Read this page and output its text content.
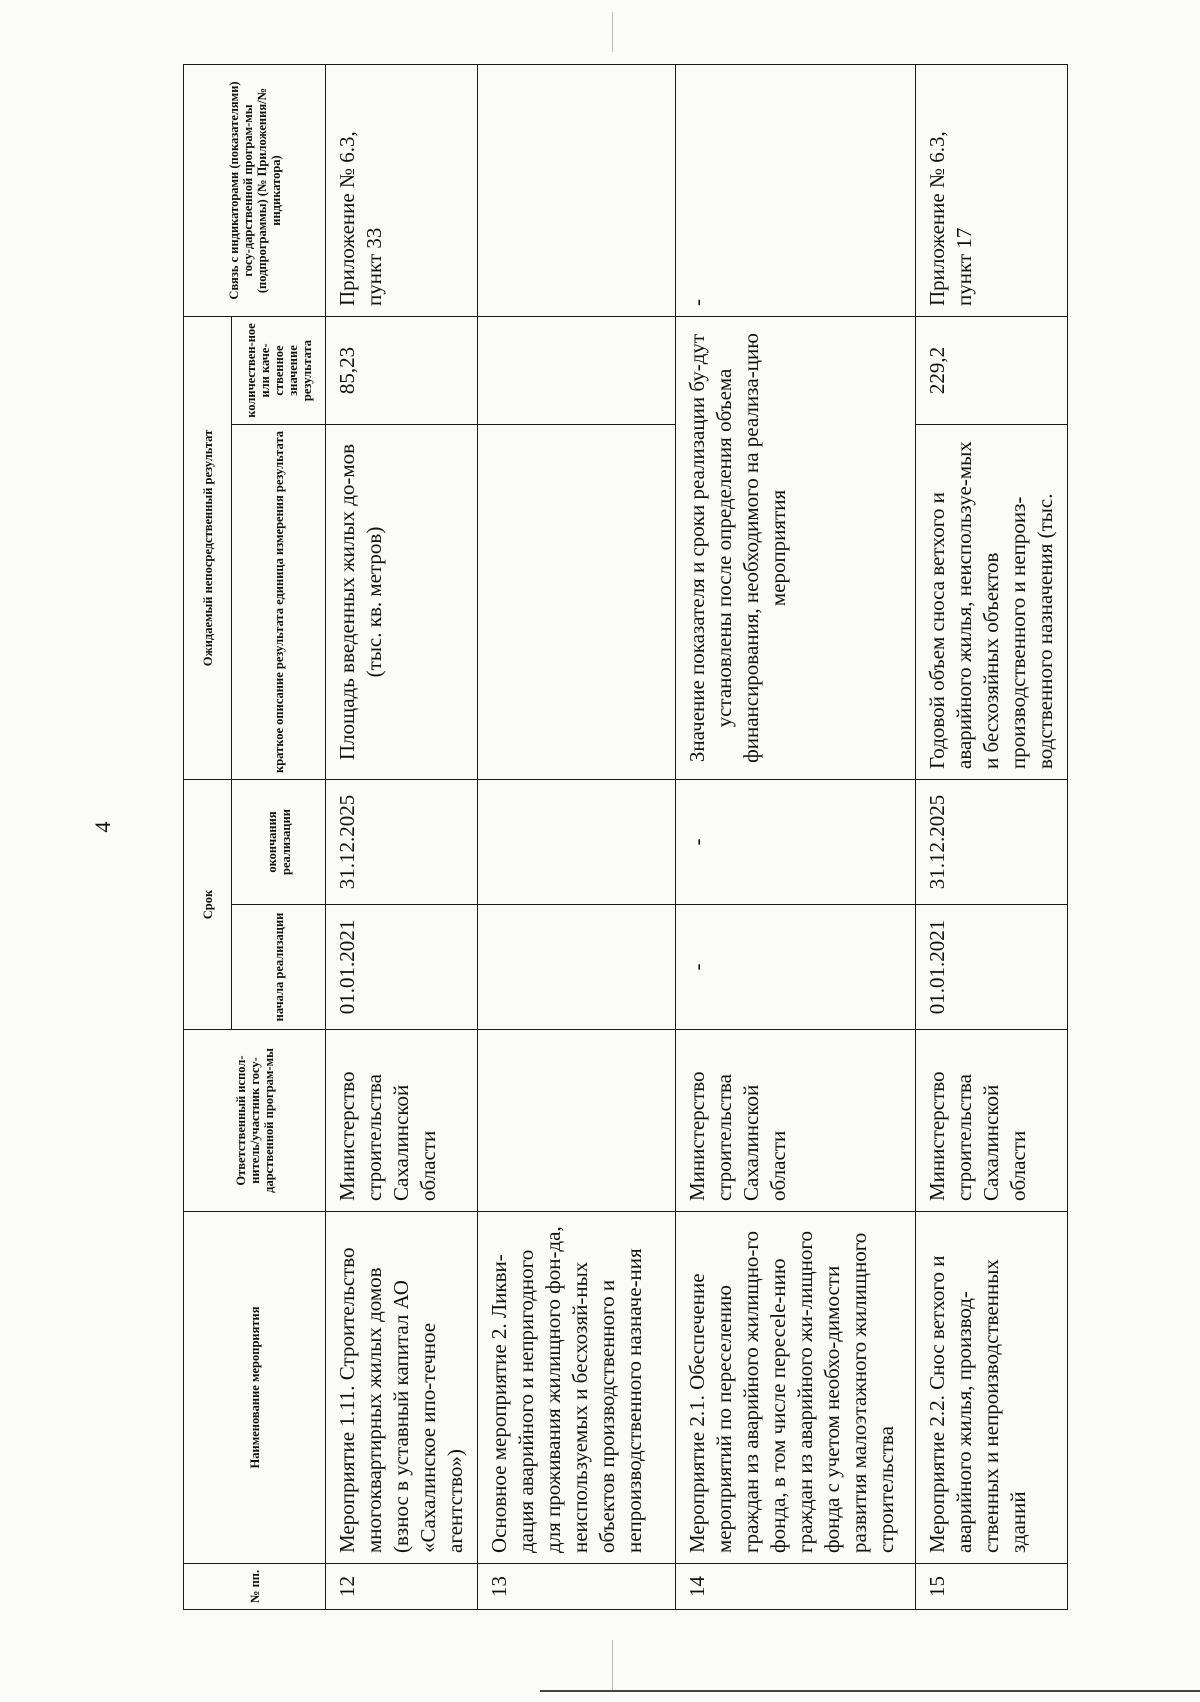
4
№ пп.	Наименование мероприятия	Ответственный испол-нитель/участник госу-дарственной програм-мы	Срок		Ожидаемый непосредственный результат		Связь с индикаторами (показателями) госу-дарственной програм-мы (подпрограммы) (№ Приложения/№ индикатора)
			начала реализации	окончания реализации	краткое описание результата единица измерения результата	количествен-ное или каче-ственное значение результата	
12	Мероприятие 1.11. Строительство многоквартирных жилых домов (взнос в уставный капитал АО «Сахалинское ипо-течное агентство»)	Министерство строительства Сахалинской области	01.01.2021	31.12.2025	Площадь введенных жилых до-мов (тыс. кв. метров)	85,23	Приложение № 6.3, пункт 33
13	Основное мероприятие 2. Ликви-дация аварийного и непригодного для проживания жилищного фон-да, неиспользуемых и бесхозяй-ных объектов производственного и непроизводственного назначе-ния						
14	Мероприятие 2.1. Обеспечение мероприятий по переселению граждан из аварийного жилищно-го фонда, в том числе пересele-нию граждан из аварийного жи-лищного фонда с учетом необхо-димости развития малоэтажного жилищного строительства	Министерство строительства Сахалинской области	-	-	Значение показателя и сроки реализации бу-дут установлены после определения объема финансирования, необходимого на реализа-цию мероприятия		-

15	Мероприятие 2.2. Снос ветхого и аварийного жилья, производ-ственных и непроизводственных зданий	Министерство строительства Сахалинской области	01.01.2021	31.12.2025	Годовой объем сноса ветхого и аварийного жилья, неиспользуе-мых и бесхозяйных объектов производственного и непроиз-водственного назначения (тыс.	229,2	Приложение № 6.3, пункт 17
